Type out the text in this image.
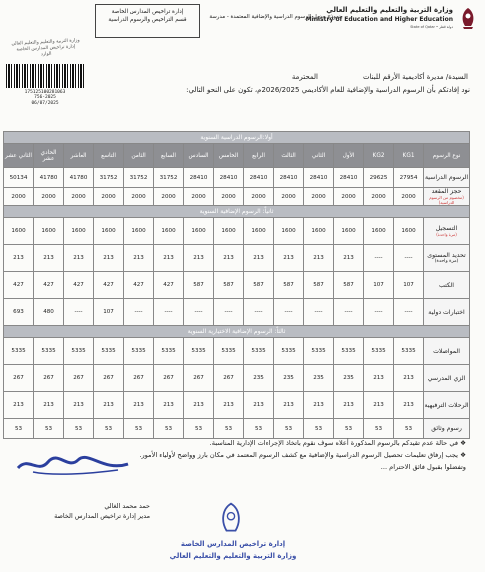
إدارة تراخيص المدارس الخاصة
قسم التراخيص والرسوم الدراسية	نموذج جدول الرسوم الدراسية والإضافية المعتمدة - مدرسة
وزارة التربية والتعليم والتعليم العالي
Ministry of Education and Higher Education
State of Qatar • دولة قطر
وزارة التربية والتعليم والتعليم العالي
إدارة تراخيص المدارس الخاصة
الوارد
175125100281063
756-2025
06/07/2025
السيدة/ مديرة أكاديمية الأرقم للبنات
المحترمة
نود إفادتكم بأن الرسوم الدراسية والإضافية للعام الأكاديمي 2026/2025م، تكون على النحو التالي:
أولا:الرسوم الدراسية السنوية														
نوع الرسوم	KG1	KG2	الأول	الثاني	الثالث	الرابع	الخامس	السادس	السابع	الثامن	التاسع	العاشر	الحادي عشر	الثاني عشر
الرسوم الدراسية	27954	29625	28410	28410	28410	28410	28410	28410	31752	31752	31752	41780	41780	50134
حجز المقعد
(مخصوم من الرسوم الدراسية)	2000	2000	2000	2000	2000	2000	2000	2000	2000	2000	2000	2000	2000	2000
ثانياً: الرسوم الإضافية السنوية														
التسجيل
(مرة واحدة)	1600	1600	1600	1600	1600	1600	1600	1600	1600	1600	1600	1600	1600	1600
تحديد المستوى
(مرة واحدة)	----	----	213	213	213	213	213	213	213	213	213	213	213	213
الكتب	107	107	587	587	587	587	587	587	427	427	427	427	427	427
اختبارات دولية	----	----	----	----	----	----	----	----	----	----	107	----	480	693
ثالثاً: الرسوم الإضافية الاختيارية السنوية														
المواصلات	5335	5335	5335	5335	5335	5335	5335	5335	5335	5335	5335	5335	5335	5335
الزي المدرسي	213	213	235	235	235	235	267	267	267	267	267	267	267	267
الرحلات الترفيهية	213	213	213	213	213	213	213	213	213	213	213	213	213	213
رسوم وثائق	53	53	53	53	53	53	53	53	53	53	53	53	53	53
❖ في حالة عدم تقيدكم بالرسوم المذكورة أعلاه سوف نقوم باتخاذ الإجراءات الإدارية المناسبة.
❖ يجب إرفاق تعليمات تحصيل الرسوم الدراسية والإضافية مع كشف الرسوم المعتمد في مكان بارز وواضح لأولياء الأمور.
وتفضلوا بقبول فائق الاحترام ...
حمد محمد الغالي
مدير إدارة تراخيص المدارس الخاصة
إدارة تراخيص المدارس الخاصة
وزارة التربية والتعليم والتعليم العالي
